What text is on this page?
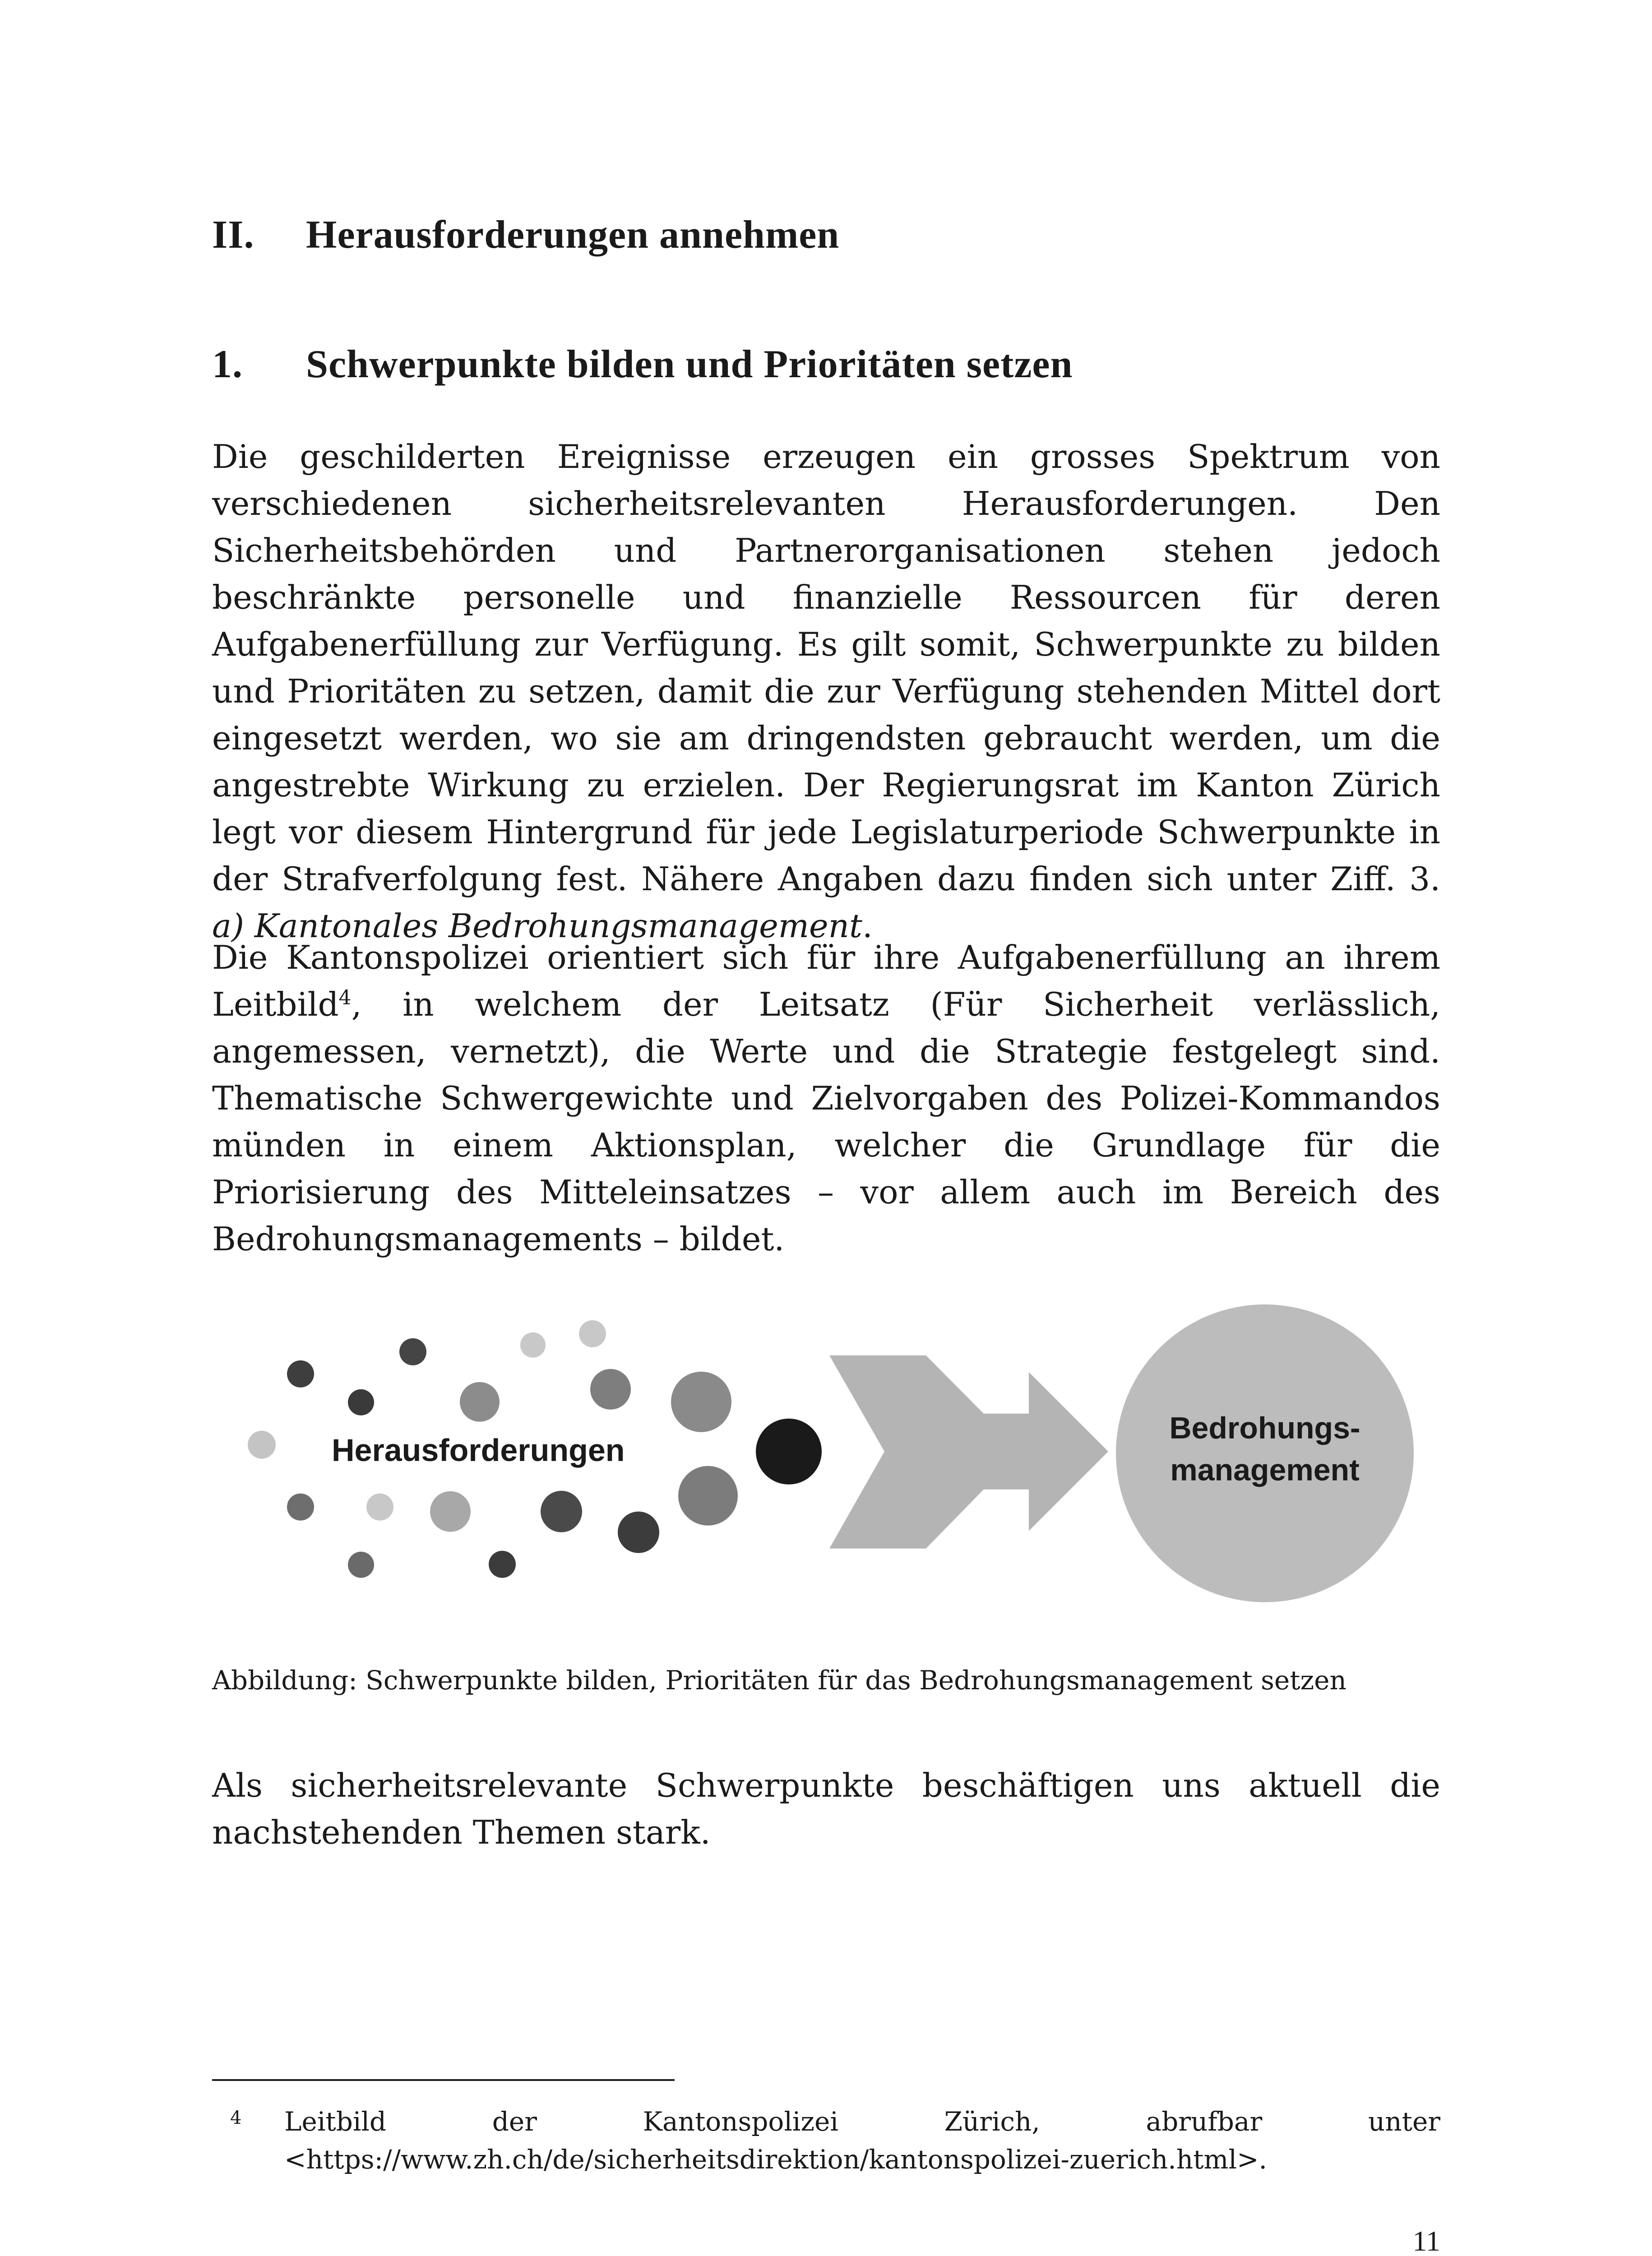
II. Herausforderungen annehmen
1. Schwerpunkte bilden und Prioritäten setzen

Die geschilderten Ereignisse erzeugen ein grosses Spektrum von verschiedenen sicherheitsrelevanten Herausforderungen. Den Sicherheitsbehörden und Partnerorganisationen stehen jedoch beschränkte personelle und finanzielle Ressourcen für deren Aufgabenerfüllung zur Verfügung. Es gilt somit, Schwerpunkte zu bilden und Prioritäten zu setzen, damit die zur Verfügung stehenden Mittel dort eingesetzt werden, wo sie am dringendsten gebraucht werden, um die angestrebte Wirkung zu erzielen. Der Regierungsrat im Kanton Zürich legt vor diesem Hintergrund für jede Legislaturperiode Schwerpunkte in der Strafverfolgung fest. Nähere Angaben dazu finden sich unter Ziff. 3. a) Kantonales Bedrohungsmanagement.

Die Kantonspolizei orientiert sich für ihre Aufgabenerfüllung an ihrem Leitbild$^4$, in welchem der Leitsatz (Für Sicherheit verlässlich, angemessen, vernetzt), die Werte und die Strategie festgelegt sind. Thematische Schwergewichte und Zielvorgaben des Polizei-Kommandos münden in einem Aktionsplan, welcher die Grundlage für die Priorisierung des Mitteleinsatzes – vor allem auch im Bereich des Bedrohungsmanagements – bildet.

Herausforderungen
Bedrohungs-
management
Abbildung: Schwerpunkte bilden, Prioritäten für das Bedrohungsmanagement setzen

Als sicherheitsrelevante Schwerpunkte beschäftigen uns aktuell die nachstehenden Themen stark.

4 Leitbild der Kantonspolizei Zürich, abrufbar unter <https://www.zh.ch/de/sicherheitsdirektion/kantonspolizei-zuerich.html>.
11
